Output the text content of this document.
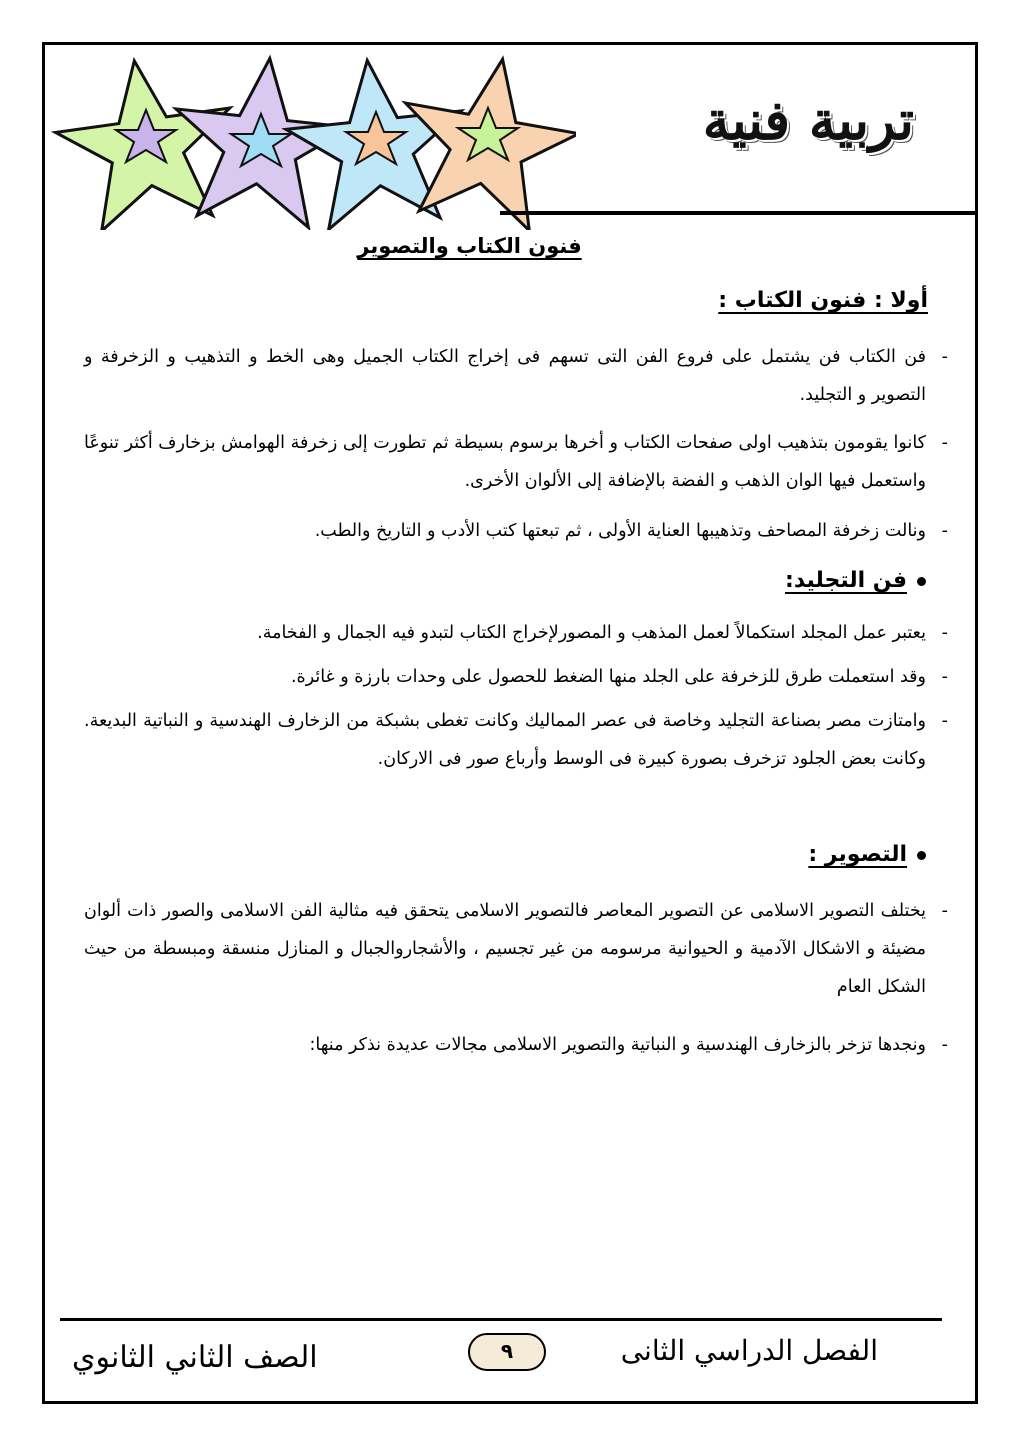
تربية فنية
فنون الكتاب والتصوير
أولا : فنون الكتاب :
-
فن الكتاب فن يشتمل على فروع الفن التى تسهم فى إخراج الكتاب الجميل وهى الخط و التذهيب و الزخرفة و التصوير و التجليد.
-
كانوا يقومون بتذهيب اولى صفحات الكتاب و أخرها برسوم بسيطة ثم تطورت إلى زخرفة الهوامش بزخارف أكثر تنوعًا واستعمل فيها الوان الذهب و الفضة بالإضافة إلى الألوان الأخرى.
-
ونالت زخرفة المصاحف وتذهيبها العناية الأولى ، ثم تبعتها كتب الأدب و التاريخ والطب.
فن التجليد:
-
يعتبر عمل المجلد استكمالاً لعمل المذهب و المصورلإخراج الكتاب لتبدو فيه الجمال و الفخامة.
-
وقد استعملت طرق للزخرفة على الجلد منها الضغط للحصول على وحدات بارزة و غائرة.
-
وامتازت مصر بصناعة التجليد وخاصة فى عصر المماليك وكانت تغطى بشبكة من الزخارف الهندسية و النباتية البديعة. وكانت بعض الجلود تزخرف بصورة كبيرة فى الوسط وأرباع صور فى الاركان.
التصوير :
-
يختلف التصوير الاسلامى عن التصوير المعاصر فالتصوير الاسلامى يتحقق فيه مثالية الفن الاسلامى والصور ذات ألوان مضيئة و الاشكال الآدمية و الحيوانية مرسومه من غير تجسيم ، والأشجاروالجبال و المنازل منسقة ومبسطة من حيث الشكل العام
-
ونجدها تزخر بالزخارف الهندسية و النباتية والتصوير الاسلامى مجالات عديدة نذكر منها:
الفصل الدراسي الثانى
٩
الصف الثاني الثانوي
